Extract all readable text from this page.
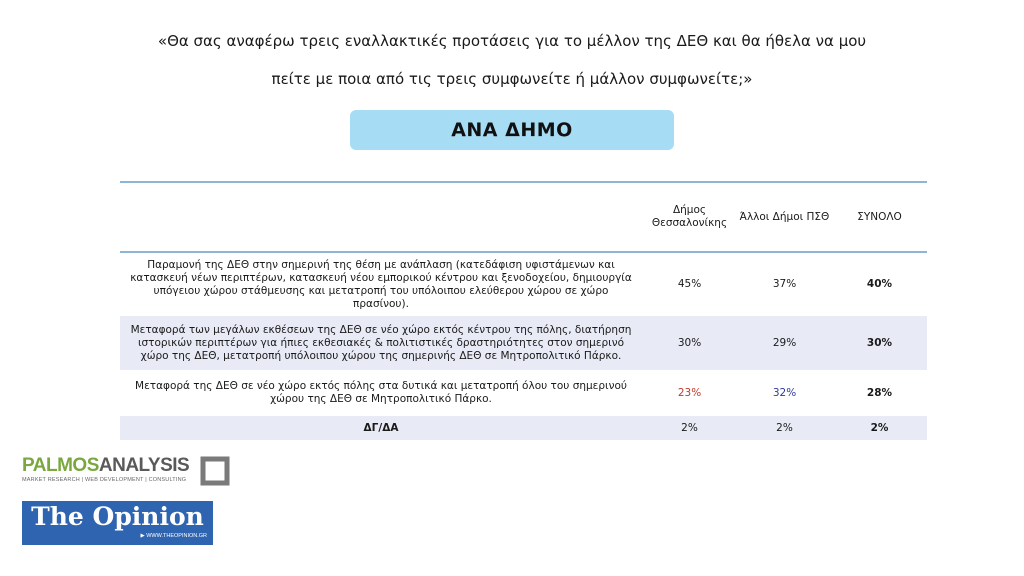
«Θα σας αναφέρω τρεις εναλλακτικές προτάσεις για το μέλλον της ΔΕΘ και θα ήθελα να μου
πείτε με ποια από τις τρεις συμφωνείτε ή μάλλον συμφωνείτε;»
ΑΝΑ ΔΗΜΟ
	Δήμος Θεσσαλονίκης	Άλλοι Δήμοι ΠΣΘ	ΣΥΝΟΛΟ
Παραμονή της ΔΕΘ στην σημερινή της θέση με ανάπλαση (κατεδάφιση υφιστάμενων και κατασκευή νέων περιπτέρων, κατασκευή νέου εμπορικού κέντρου και ξενοδοχείου, δημιουργία υπόγειου χώρου στάθμευσης και μετατροπή του υπόλοιπου ελεύθερου χώρου σε χώρο πρασίνου).	45%	37%	40%
Μεταφορά των μεγάλων εκθέσεων της ΔΕΘ σε νέο χώρο εκτός κέντρου της πόλης, διατήρηση ιστορικών περιπτέρων για ήπιες εκθεσιακές & πολιτιστικές δραστηριότητες στον σημερινό χώρο της ΔΕΘ, μετατροπή υπόλοιπου χώρου της σημερινής ΔΕΘ σε Μητροπολιτικό Πάρκο.	30%	29%	30%
Μεταφορά της ΔΕΘ σε νέο χώρο εκτός πόλης στα δυτικά και μετατροπή όλου του σημερινού χώρου της ΔΕΘ σε Μητροπολιτικό Πάρκο.	23%	32%	28%
ΔΓ/ΔΑ	2%	2%	2%
PALMOSANALYSIS
MARKET RESEARCH | WEB DEVELOPMENT | CONSULTING
The Opinion
▶ WWW.THEOPINION.GR
